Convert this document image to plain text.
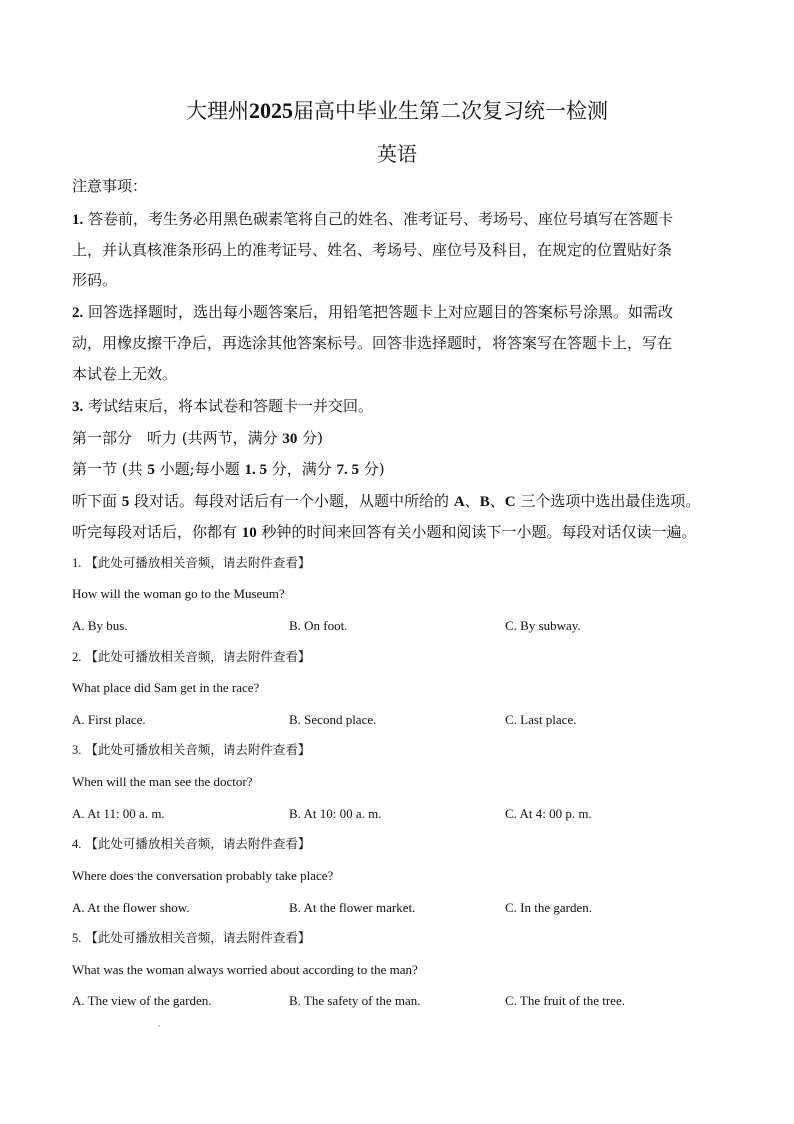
大理州2025届高中毕业生第二次复习统一检测
英语
注意事项：
1. 答卷前，考生务必用黑色碳素笔将自己的姓名、准考证号、考场号、座位号填写在答题卡
上，并认真核准条形码上的准考证号、姓名、考场号、座位号及科目，在规定的位置贴好条
形码。
2. 回答选择题时，选出每小题答案后，用铅笔把答题卡上对应题目的答案标号涂黑。如需改
动，用橡皮擦干净后，再选涂其他答案标号。回答非选择题时，将答案写在答题卡上，写在
本试卷上无效。
3. 考试结束后，将本试卷和答题卡一并交回。
第一部分　听力 (共两节，满分 30 分)
第一节 (共 5 小题;每小题 1. 5 分，满分 7. 5 分)
听下面 5 段对话。每段对话后有一个小题，从题中所给的 A、B、C 三个选项中选出最佳选项。
听完每段对话后，你都有 10 秒钟的时间来回答有关小题和阅读下一小题。每段对话仅读一遍。
1. 【此处可播放相关音频，请去附件查看】
How will the woman go to the Museum?
A. By bus.	B. On foot.	C. By subway.
2. 【此处可播放相关音频，请去附件查看】
What place did Sam get in the race?
A. First place.	B. Second place.	C. Last place.
3. 【此处可播放相关音频，请去附件查看】
When will the man see the doctor?
A. At 11: 00 a. m.	B. At 10: 00 a. m.	C. At 4: 00 p. m.
4. 【此处可播放相关音频，请去附件查看】
Where does the conversation probably take place?
A. At the flower show.	B. At the flower market.	C. In the garden.
5. 【此处可播放相关音频，请去附件查看】
What was the woman always worried about according to the man?
A. The view of the garden.	B. The safety of the man.	C. The fruit of the tree.
